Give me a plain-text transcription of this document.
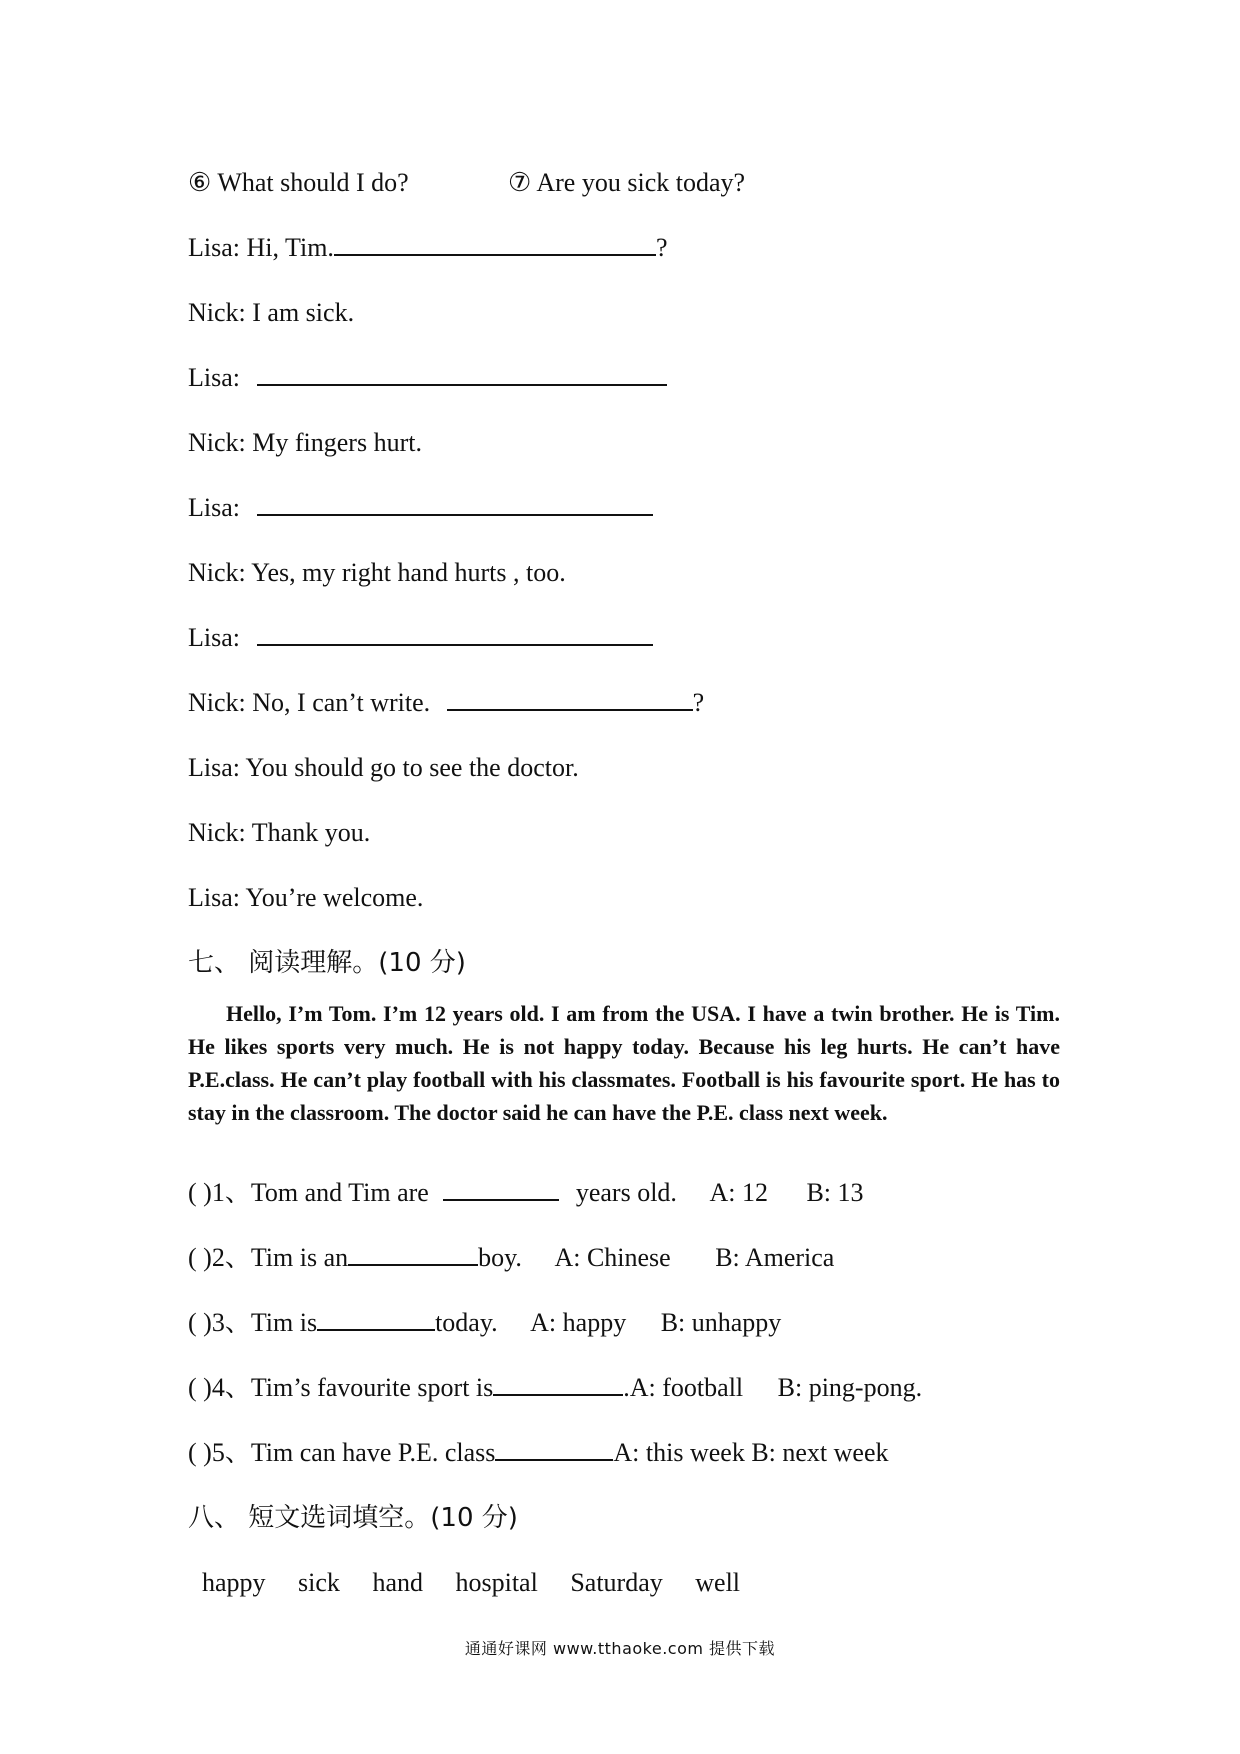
⑥ What should I do?	⑦ Are you sick today?
Lisa: Hi, Tim.	?
Nick: I am sick.
Lisa:
Nick: My fingers hurt.
Lisa:
Nick: Yes, my right hand hurts , too.
Lisa:
Nick: No, I can’t write.	?
Lisa: You should go to see the doctor.
Nick: Thank you.
Lisa: You’re welcome.
七、 阅读理解。(10 分)
Hello, I’m Tom. I’m 12 years old. I am from the USA. I have a twin brother. He is Tim. He likes sports very much. He is not happy today. Because his leg hurts. He can’t have P.E.class. He can’t play football with his classmates. Football is his favourite sport. He has to stay in the classroom. The doctor said he can have the P.E. class next week.
( )1、Tom and Tim are	years old. A: 12 B: 13
( )2、Tim is an	boy. A: Chinese B: America
( )3、Tim is	today. A: happy B: unhappy
( )4、Tim’s favourite sport is	.A: football B: ping-pong.
( )5、Tim can have P.E. class	A: this week B: next week
八、 短文选词填空。(10 分)
happy sick hand hospital Saturday well
通通好课网 www.tthaoke.com 提供下载
